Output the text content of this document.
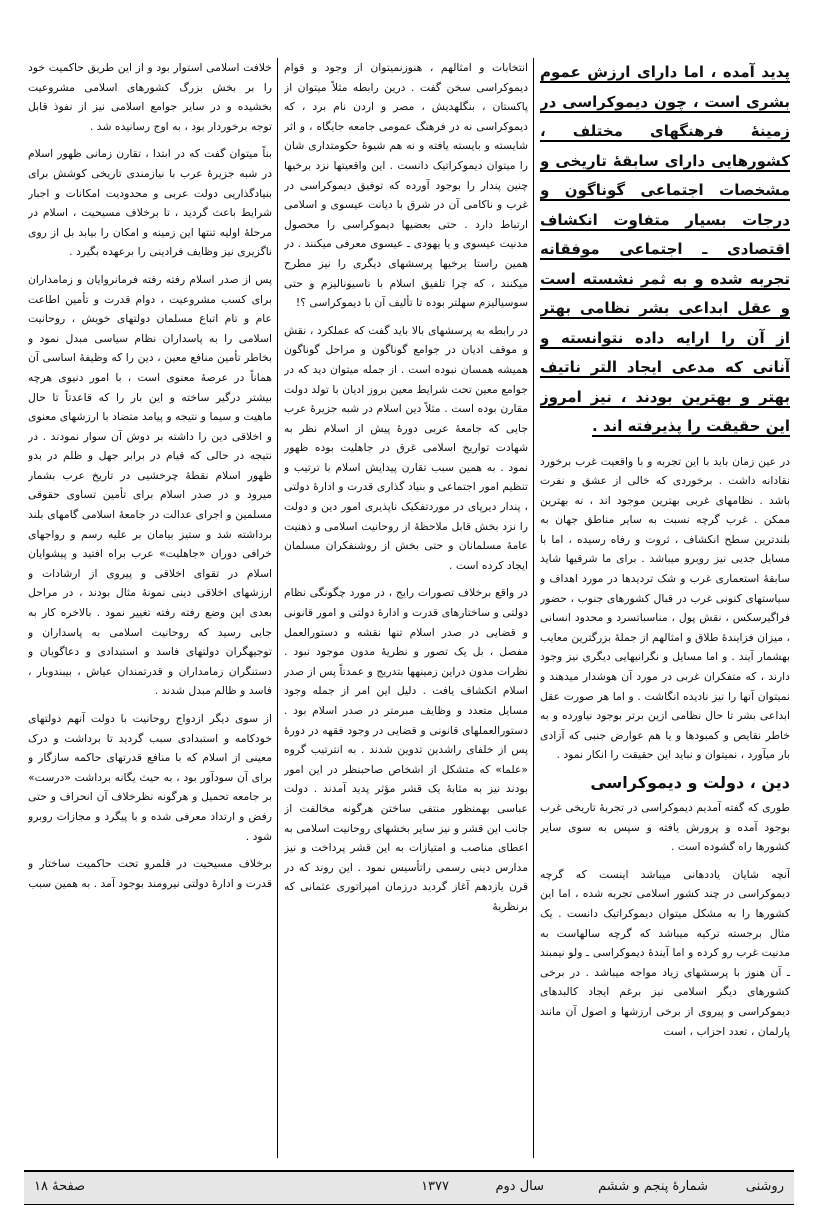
پدید آمده ، اما دارای ارزش عموم بشری است ، چون دیموکراسی در زمینهٔ فرهنگهای مختلف ، کشورهایی دارای سابقهٔ تاریخی و مشخصات اجتماعی گوناگون و درجات بسیار متفاوت انکشاف اقتصادی ـ اجتماعی موفقانه تجربه شده و به ثمر نشسته است و عقل ابداعی بشر نظامی بهتر از آن را ارایه داده نتوانسته و آنانی که مدعی ایجاد التر ناتیف بهتر و بهترین بودند ، نیز امروز این حقیقت را پذیرفته اند .

در عین زمان باید با این تجربه و با واقعیت غرب برخورد نقادانه داشت . برخوردی که خالی از عشق و نفرت باشد . نظامهای غربی بهترین موجود اند ، نه بهترین ممکن . غرب گرچه نسبت به سایر مناطق جهان به بلندترین سطح انکشاف ، ثروت و رفاه رسیده ، اما با مسایل جدیی نیز روبرو میباشد . برای ما شرقیها شاید سابقهٔ استعماری غرب و شک تردیدها در مورد اهداف و سیاستهای کنونی غرب در قبال کشورهای جنوب ، حضور فراگیرسکس ، نقش پول ، مناسباتسرد و محدود انسانی ، میزان فزایندهٔ طلاق و امثالهم از جملهٔ بزرگترین معایب بهشمار آیند . و اما مسایل و نگرانیهایی دیگری نیز وجود دارند ، که متفکران غربی در مورد آن هوشدار میدهند و نمیتوان آنها را نیز نادیده انگاشت . و اما هر صورت عقل ابداعی بشر تا حال نظامی ازین برتر بوجود نیاورده و به خاطر نقایص و کمبودها و یا هم عوارض جنبی که آزادی بار میآورد ، نمیتوان و نباید این حقیقت را انکار نمود .

دین ، دولت و دیموکراسی

طوری که گفته آمدیم دیموکراسی در تجربهٔ تاریخی غرب بوجود آمده و پرورش یافته و سپس به سوی سایر کشورها راه گشوده است .

آنچه شایان یاددهانی میباشد اینست که گرچه دیموکراسی در چند کشور اسلامی تجربه شده ، اما این کشورها را به مشکل میتوان دیموکراتیک دانست . یک مثال برجسته ترکیه میباشد که گرچه سالهاست به مدنیت غرب رو کرده و اما آیندهٔ دیموکراسی ـ ولو نیمبند ـ آن هنوز با پرسشهای زیاد مواجه میباشد . در برخی کشورهای دیگر اسلامی نیز برغم ایجاد کالبدهای دیموکراسی و پیروی از برخی ارزشها و اصول آن مانند پارلمان ، تعدد احزاب ، است

انتخابات و امثالهم ، هنوزنمیتوان از وجود و قوام دیموکراسی سخن گفت . درین رابطه مثلاً میتوان از پاکستان ، بنگلهدیش ، مصر و اردن نام برد ، که دیموکراسی نه در فرهنگ عمومی جامعه جایگاه ، و اثر شایسته و بایسته یافته و نه هم شیوهٔ حکومتداری شان را میتوان دیموکراتیک دانست . این واقعیتها نزد برخیها چنین پندار را بوجود آورده که توفیق دیموکراسی در غرب و ناکامی آن در شرق با دیانت عیسوی و اسلامی ارتباط دارد . حتی بعضیها دیموکراسی را محصول مدنیت عیسوی و یا یهودی ـ عیسوی معرفی میکنند . در همین راستا برخیها پرسشهای دیگری را نیز مطرح میکنند ، که چرا تلفیق اسلام با ناسیونالیزم و حتی سوسیالیزم سهلتر بوده تا تألیف آن با دیموکراسی ؟!

در رابطه به پرسشهای بالا باید گفت که عملکرد ، نقش و موقف ادیان در جوامع گوناگون و مراحل گوناگون همیشه همسان نبوده است . از جمله میتوان دید که در جوامع معین تحت شرایط معین بروز ادیان با تولد دولت مقارن بوده است . مثلاً دین اسلام در شبه جزیرهٔ عرب جایی که جامعهٔ عربی دورهٔ پیش از اسلام نظر به شهادت تواریخ اسلامی غرق در جاهلیت بوده ظهور نمود . به همین سبب تقارن پیدایش اسلام با ترتیب و تنظیم امور اجتماعی و بنیاد گذاری قدرت و ادارهٔ دولتی ، پندار دیرپای در موردتفکیک ناپذیری امور دین و دولت را نزد بخش قابل ملاحظهٔ از روحانیت اسلامی و ذهنیت عامهٔ مسلمانان و حتی بخش از روشنفکران مسلمان ایجاد کرده است .

در واقع برخلاف تصورات رایج ، در مورد چگونگی نظام دولتی و ساختارهای قدرت و ادارهٔ دولتی و امور قانونی و قضایی در صدر اسلام تنها نقشه و دستورالعمل مفصل ، بل یک تصور و نظریهٔ مدون موجود نبود . نظرات مدون دراین زمینهها بتدریج و عمدتاً پس از صدر اسلام انکشاف یافت . دلیل این امر از جمله وجود مسایل متعدد و وظایف مبرمتر در صدر اسلام بود . دستورالعملهای قانونی و قضایی در وجود فقهه در دورهٔ پس از خلفای راشدین تدوین شدند . به انترتیب گروه «علما» که متشکل از اشخاص صاحبنظر در این امور بودند نیز به مثابهٔ یک قشر مؤثر پدید آمدند . دولت عباسی بهمنظور منتفی ساختن هرگونه مخالفت از جانب این قشر و نیز سایر بخشهای روحانیت اسلامی به اعطای مناصب و امتیازات به این قشر پرداخت و نیز مدارس دینی رسمی راتأسیس نمود . این روند که در قرن یازدهم آغاز گردید درزمان امپراتوری عثمانی که برنظریهٔ

خلافت اسلامی استوار بود و از این طریق حاکمیت خود را بر بخش بزرگ کشورهای اسلامی مشروعیت بخشیده و در سایر جوامع اسلامی نیز از نفوذ قابل توجه برخوردار بود ، به اوج رسانیده شد .

بناً میتوان گفت که در ابتدا ، تقارن زمانی ظهور اسلام در شبه جزیرهٔ عرب با نیازمندی تاریخی کوشش برای بنیادگذاریی دولت عربی و محدودیت امکانات و اجبار شرایط باعث گردید ، تا برخلاف مسیحیت ، اسلام در مرحلهٔ اولیه تنتها این زمینه و امکان را بیابد بل از روی ناگزیری نیز وظایف فرادینی را برعهده بگیرد .

پس از صدر اسلام رفته رفته فرمانروایان و زمامداران برای کسب مشروعیت ، دوام قدرت و تأمین اطاعت عام و تام اتباع مسلمان دولتهای خویش ، روحانیت اسلامی را به پاسداران نظام سیاسی مبدل نمود و بخاطر تأمین منافع معین ، دین را که وظیفهٔ اساسی آن هماناً در عرصهٔ معنوی است ، با امور دنیوی هرچه بیشتر درگیر ساخته و این بار را که قاعدتاً تا حال ماهیت و سیما و نتیجه و پیامد متضاد با ارزشهای معنوی و اخلاقی دین را داشته بر دوش آن سوار نمودند . در نتیجه در حالی که قیام در برابر جهل و ظلم در بدو ظهور اسلام نقطهٔ چرخشیی در تاریخ عرب بشمار میرود و در صدر اسلام برای تأمین تساوی حقوقی مسلمین و اجرای عدالت در جامعهٔ اسلامی گامهای بلند برداشته شد و ستیز بیامان بر علیه رسم و رواجهای خرافی دوران «جاهلیت» عرب براه افتید و پیشوایان اسلام در تقوای اخلاقی و پیروی از ارشادات و ارزشهای اخلاقی دینی نمونهٔ مثال بودند ، در مراحل بعدی این وضع رفته رفته تغییر نمود . بالاخره کار به جایی رسید که روحانیت اسلامی به پاسداران و توجیهگران دولتهای فاسد و استبدادی و دعاگویان و دستنگران زمامداران و قدرتمندان عیاش ، بیبندوبار ، فاسد و ظالم مبدل شدند .

از سوی دیگر ازدواج روحانیت با دولت آنهم دولتهای خودکامه و استبدادی سبب گردید تا برداشت و درک معینی از اسلام که با منافع قدرتهای حاکمه سازگار و برای آن سودآور بود ، به حیث یگانه برداشت «درست» بر جامعه تحمیل و هرگونه نظرخلاف آن انحراف و حتی رفض و ارتداد معرفی شده و با پیگرد و مجازات روبرو شود .

برخلاف مسیحیت در قلمرو تحت حاکمیت ساختار و قدرت و ادارهٔ دولتی نیرومند بوجود آمد . به همین سبب

روشنی
شمارهٔ پنجم و ششم
سال دوم
۱۳۷۷
صفحهٔ ۱۸
